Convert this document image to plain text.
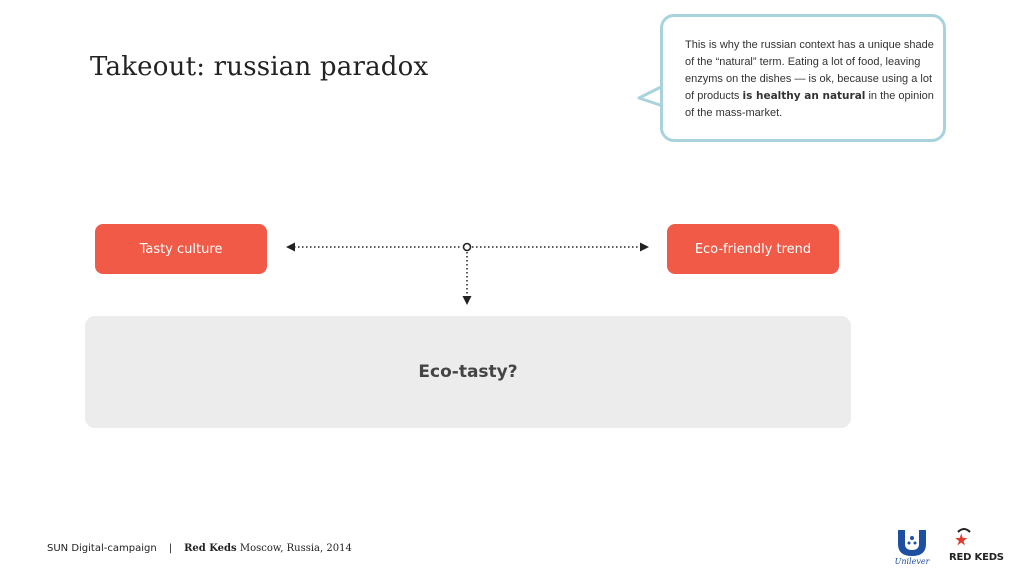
Takeout: russian paradox
This is why the russian context has a unique shade of the “natural” term. Eating a lot of food, leaving enzyms on the dishes — is ok, because using a lot of products is healthy an natural in the opinion of the mass-market.
Tasty culture	Eco-friendly trend
Eco-tasty?
SUN Digital-campaign | Red Keds Moscow, Russia, 2014
Unilever RED KEDS
